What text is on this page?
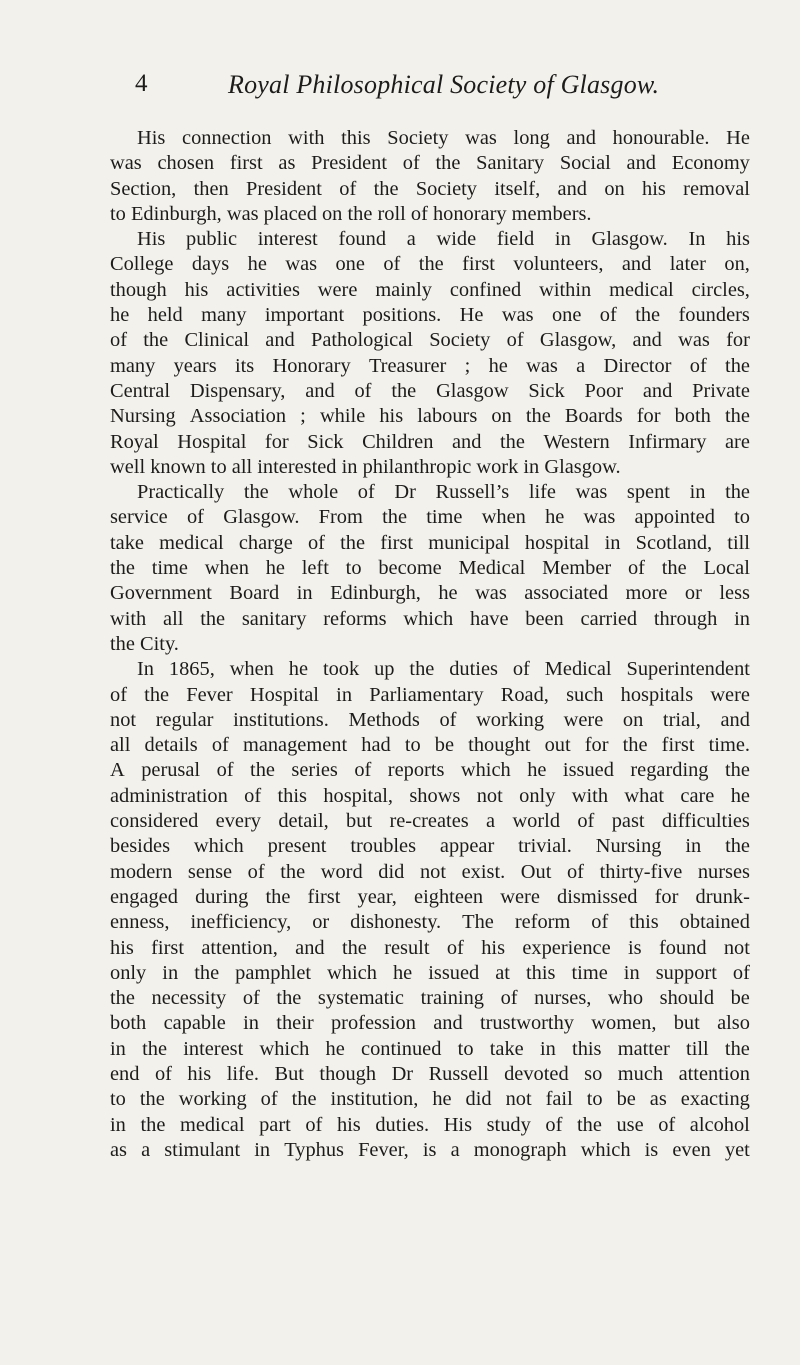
4	Royal Philosophical Society of Glasgow.
His connection with this Society was long and honourable. He
was chosen first as President of the Sanitary Social and Economy
Section, then President of the Society itself, and on his removal
to Edinburgh, was placed on the roll of honorary members.
His public interest found a wide field in Glasgow. In his
College days he was one of the first volunteers, and later on,
though his activities were mainly confined within medical circles,
he held many important positions. He was one of the founders
of the Clinical and Pathological Society of Glasgow, and was for
many years its Honorary Treasurer ; he was a Director of the
Central Dispensary, and of the Glasgow Sick Poor and Private
Nursing Association ; while his labours on the Boards for both the
Royal Hospital for Sick Children and the Western Infirmary are
well known to all interested in philanthropic work in Glasgow.
Practically the whole of Dr Russell’s life was spent in the
service of Glasgow. From the time when he was appointed to
take medical charge of the first municipal hospital in Scotland, till
the time when he left to become Medical Member of the Local
Government Board in Edinburgh, he was associated more or less
with all the sanitary reforms which have been carried through in
the City.
In 1865, when he took up the duties of Medical Superintendent
of the Fever Hospital in Parliamentary Road, such hospitals were
not regular institutions. Methods of working were on trial, and
all details of management had to be thought out for the first time.
A perusal of the series of reports which he issued regarding the
administration of this hospital, shows not only with what care he
considered every detail, but re-creates a world of past difficulties
besides which present troubles appear trivial. Nursing in the
modern sense of the word did not exist. Out of thirty-five nurses
engaged during the first year, eighteen were dismissed for drunk-
enness, inefficiency, or dishonesty. The reform of this obtained
his first attention, and the result of his experience is found not
only in the pamphlet which he issued at this time in support of
the necessity of the systematic training of nurses, who should be
both capable in their profession and trustworthy women, but also
in the interest which he continued to take in this matter till the
end of his life. But though Dr Russell devoted so much attention
to the working of the institution, he did not fail to be as exacting
in the medical part of his duties. His study of the use of alcohol
as a stimulant in Typhus Fever, is a monograph which is even yet
